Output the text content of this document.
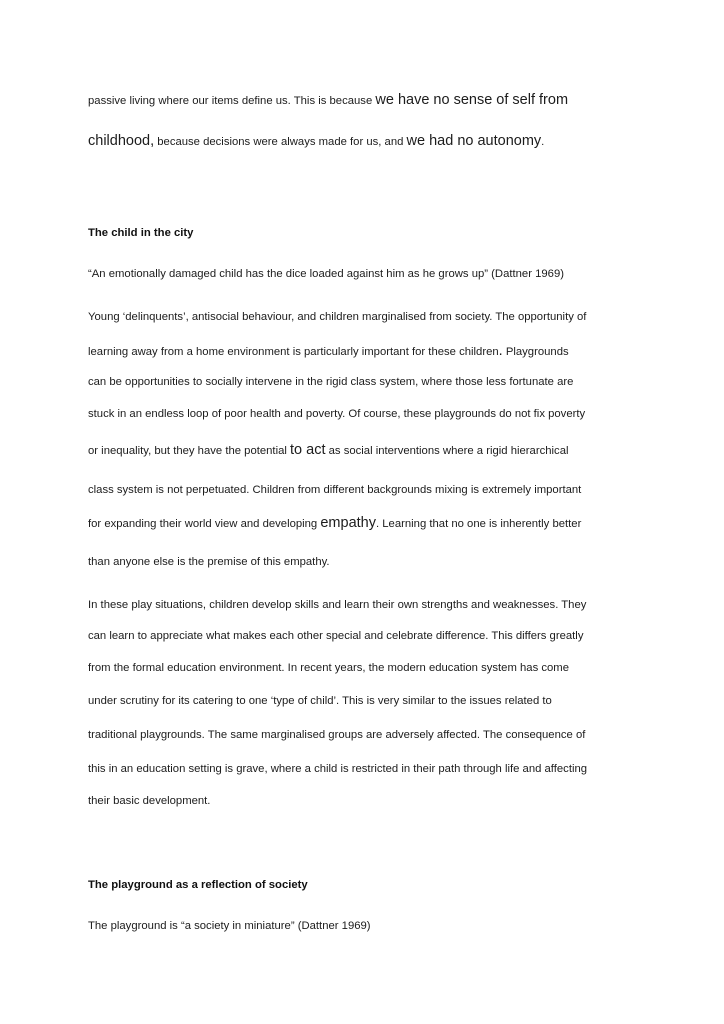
passive living where our items define us. This is because we have no sense of self from
childhood, because decisions were always made for us, and we had no autonomy.
The child in the city
“An emotionally damaged child has the dice loaded against him as he grows up” (Dattner 1969)
Young ‘delinquents’, antisocial behaviour, and children marginalised from society. The opportunity of
learning away from a home environment is particularly important for these children. Playgrounds
can be opportunities to socially intervene in the rigid class system, where those less fortunate are
stuck in an endless loop of poor health and poverty. Of course, these playgrounds do not fix poverty
or inequality, but they have the potential to act as social interventions where a rigid hierarchical
class system is not perpetuated. Children from different backgrounds mixing is extremely important
for expanding their world view and developing empathy. Learning that no one is inherently better
than anyone else is the premise of this empathy.
In these play situations, children develop skills and learn their own strengths and weaknesses. They
can learn to appreciate what makes each other special and celebrate difference. This differs greatly
from the formal education environment. In recent years, the modern education system has come
under scrutiny for its catering to one ‘type of child’. This is very similar to the issues related to
traditional playgrounds. The same marginalised groups are adversely affected. The consequence of
this in an education setting is grave, where a child is restricted in their path through life and affecting
their basic development.
The playground as a reflection of society
The playground is “a society in miniature” (Dattner 1969)
